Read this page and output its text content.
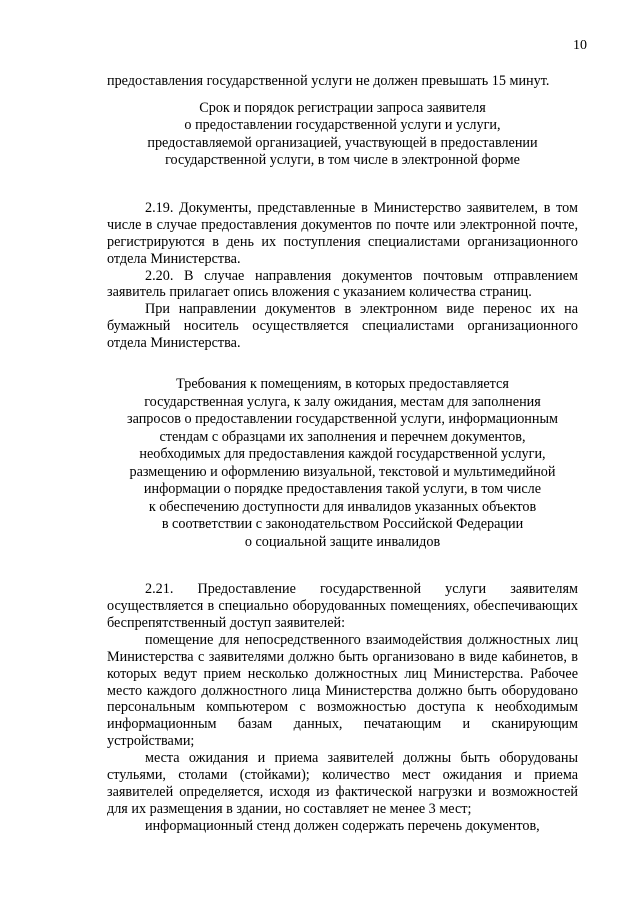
10

предоставления государственной услуги не должен превышать 15 минут.

Срок и порядок регистрации запроса заявителя
о предоставлении государственной услуги и услуги,
предоставляемой организацией, участвующей в предоставлении
государственной услуги, в том числе в электронной форме

2.19. Документы, представленные в Министерство заявителем, в том числе в случае предоставления документов по почте или электронной почте, регистрируются в день их поступления специалистами организационного отдела Министерства.

2.20. В случае направления документов почтовым отправлением заявитель прилагает опись вложения с указанием количества страниц.

При направлении документов в электронном виде перенос их на бумажный носитель осуществляется специалистами организационного отдела Министерства.

Требования к помещениям, в которых предоставляется
государственная услуга, к залу ожидания, местам для заполнения
запросов о предоставлении государственной услуги, информационным
стендам с образцами их заполнения и перечнем документов,
необходимых для предоставления каждой государственной услуги,
размещению и оформлению визуальной, текстовой и мультимедийной
информации о порядке предоставления такой услуги, в том числе
к обеспечению доступности для инвалидов указанных объектов
в соответствии с законодательством Российской Федерации
о социальной защите инвалидов

2.21. Предоставление государственной услуги заявителям осуществляется в специально оборудованных помещениях, обеспечивающих беспрепятственный доступ заявителей:

помещение для непосредственного взаимодействия должностных лиц Министерства с заявителями должно быть организовано в виде кабинетов, в которых ведут прием несколько должностных лиц Министерства. Рабочее место каждого должностного лица Министерства должно быть оборудовано персональным компьютером с возможностью доступа к необходимым информационным базам данных, печатающим и сканирующим устройствами;

места ожидания и приема заявителей должны быть оборудованы стульями, столами (стойками); количество мест ожидания и приема заявителей определяется, исходя из фактической нагрузки и возможностей для их размещения в здании, но составляет не менее 3 мест;

информационный стенд должен содержать перечень документов,
